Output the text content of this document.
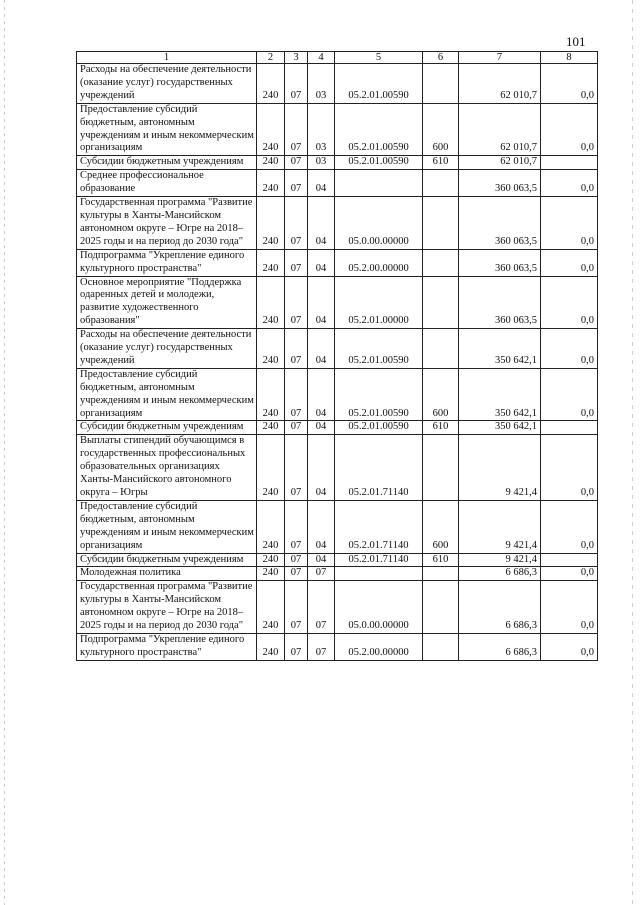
101
1	2	3	4	5	6	7	8
Расходы на обеспечение деятельности (оказание услуг) государственных учреждений	240	07	03	05.2.01.00590		62 010,7	0,0
Предоставление субсидий бюджетным, автономным учреждениям и иным некоммерческим организациям	240	07	03	05.2.01.00590	600	62 010,7	0,0
Субсидии бюджетным учреждениям	240	07	03	05.2.01.00590	610	62 010,7	
Среднее профессиональное образование	240	07	04			360 063,5	0,0
Государственная программа "Развитие культуры в Ханты-Мансийском автономном округе – Югре на 2018– 2025 годы и на период до 2030 года"	240	07	04	05.0.00.00000		360 063,5	0,0
Подпрограмма "Укрепление единого культурного пространства"	240	07	04	05.2.00.00000		360 063,5	0,0
Основное мероприятие "Поддержка одаренных детей и молодежи, развитие художественного образования"	240	07	04	05.2.01.00000		360 063,5	0,0
Расходы на обеспечение деятельности (оказание услуг) государственных учреждений	240	07	04	05.2.01.00590		350 642,1	0,0
Предоставление субсидий бюджетным, автономным учреждениям и иным некоммерческим организациям	240	07	04	05.2.01.00590	600	350 642,1	0,0
Субсидии бюджетным учреждениям	240	07	04	05.2.01.00590	610	350 642,1	
Выплаты стипендий обучающимся в государственных профессиональных образовательных организациях Ханты-Мансийского автономного округа – Югры	240	07	04	05.2.01.71140		9 421,4	0,0
Предоставление субсидий бюджетным, автономным учреждениям и иным некоммерческим организациям	240	07	04	05.2.01.71140	600	9 421,4	0,0
Субсидии бюджетным учреждениям	240	07	04	05.2.01.71140	610	9 421,4	
Молодежная политика	240	07	07			6 686,3	0,0
Государственная программа "Развитие культуры в Ханты-Мансийском автономном округе – Югре на 2018– 2025 годы и на период до 2030 года"	240	07	07	05.0.00.00000		6 686,3	0,0
Подпрограмма "Укрепление единого культурного пространства"	240	07	07	05.2.00.00000		6 686,3	0,0
